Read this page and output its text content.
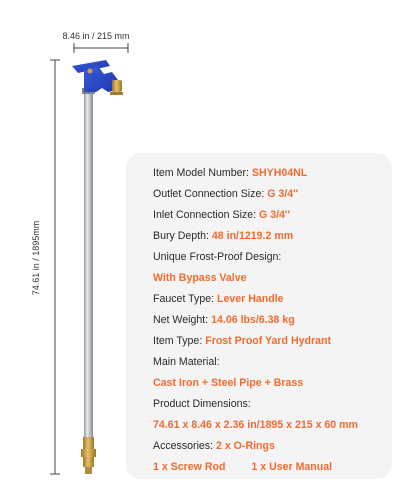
8.46 in / 215 mm
74.61 in / 1895mm
Item Model Number: SHYH04NL
Outlet Connection Size: G 3/4''
Inlet Connection Size: G 3/4''
Bury Depth: 48 in/1219.2 mm
Unique Frost-Proof Design:
With Bypass Valve
Faucet Type: Lever Handle
Net Weight: 14.06 lbs/6.38 kg
Item Type: Frost Proof Yard Hydrant
Main Material:
Cast Iron + Steel Pipe + Brass
Product Dimensions:
74.61 x 8.46 x 2.36 in/1895 x 215 x 60 mm
Accessories: 2 x O-Rings
1 x Screw Rod 1 x User Manual
